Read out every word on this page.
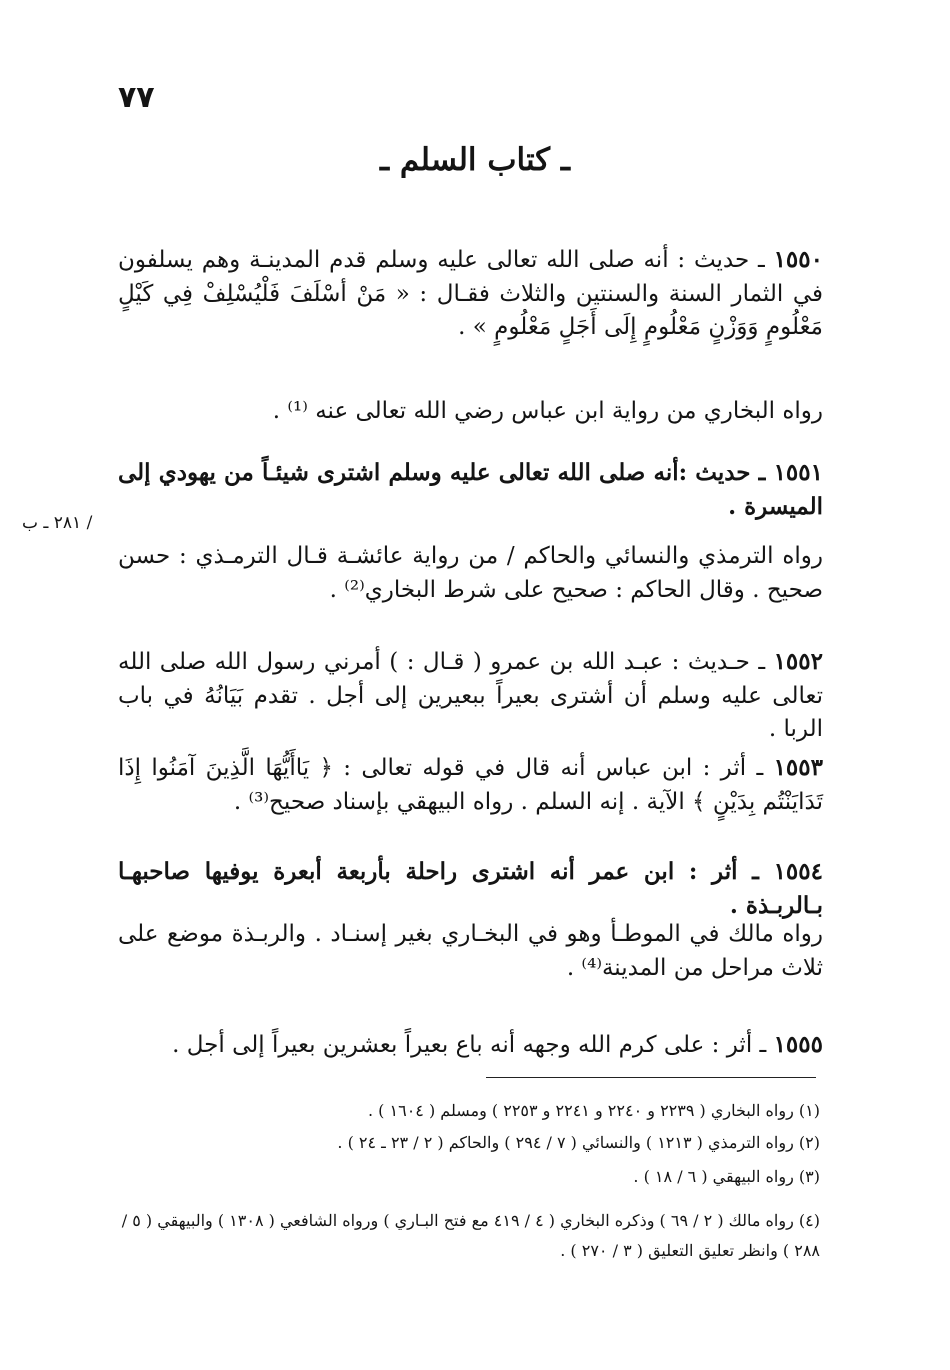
٧٧
ـ كتاب السلم ـ

١٥٥٠ ـ حديث : أنه صلى الله تعالى عليه وسلم قدم المدينـة وهم يسلفون في الثمار السنة والسنتين والثلاث فقـال : « مَنْ أسْلَفَ فَلْيُسْلِفْ فِي كَيْلٍ مَعْلُومٍ وَوَزْنٍ مَعْلُومٍ إِلَى أَجَلٍ مَعْلُومٍ » .

رواه البخاري من رواية ابن عباس رضي الله تعالى عنه ⁽¹⁾ .

١٥٥١ ـ حديث :أنه صلى الله تعالى عليه وسلم اشترى شيئـاً من يهودي إلى الميسرة .

/ ٢٨١ ـ ب

رواه الترمذي والنسائي والحاكم / من رواية عائشـة قـال الترمـذي : حسن صحيح . وقال الحاكم : صحيح على شرط البخاري⁽²⁾ .

١٥٥٢ ـ حـديث : عبـد الله بن عمرو ( قـال : ) أمرني رسول الله صلى الله تعالى عليه وسلم أن أشترى بعيراً ببعيرين إلى أجل . تقدم بَيَانُهُ في باب الربا .

١٥٥٣ ـ أثر : ابن عباس أنه قال في قوله تعالى : ﴿ يَاأَيُّهَا الَّذِينَ آمَنُوا إِذَا تَدَايَنْتُم بِدَيْنٍ ﴾ الآية . إنه السلم . رواه البيهقي بإسناد صحيح⁽³⁾ .

١٥٥٤ ـ أثر : ابن عمر أنه اشترى راحلة بأربعة أبعرة يوفيها صاحبهـا بـالربـذة .

رواه مالك في الموطـأ وهو في البخـاري بغير إسنـاد . والربـذة موضع على ثلاث مراحل من المدينة⁽⁴⁾ .

١٥٥٥ ـ أثر : على كرم الله وجهه أنه باع بعيراً بعشرين بعيراً إلى أجل .

(١) رواه البخاري ( ٢٢٣٩ و ٢٢٤٠ و ٢٢٤١ و ٢٢٥٣ ) ومسلم ( ١٦٠٤ ) .
(٢) رواه الترمذي ( ١٢١٣ ) والنسائي ( ٧ / ٢٩٤ ) والحاكم ( ٢ / ٢٣ ـ ٢٤ ) .
(٣) رواه البيهقي ( ٦ / ١٨ ) .
(٤) رواه مالك ( ٢ / ٦٩ ) وذكره البخاري ( ٤ / ٤١٩ مع فتح البـاري ) ورواه الشافعي ( ١٣٠٨ ) والبيهقي ( ٥ / ٢٨٨ ) وانظر تعليق التعليق ( ٣ / ٢٧٠ ) .
